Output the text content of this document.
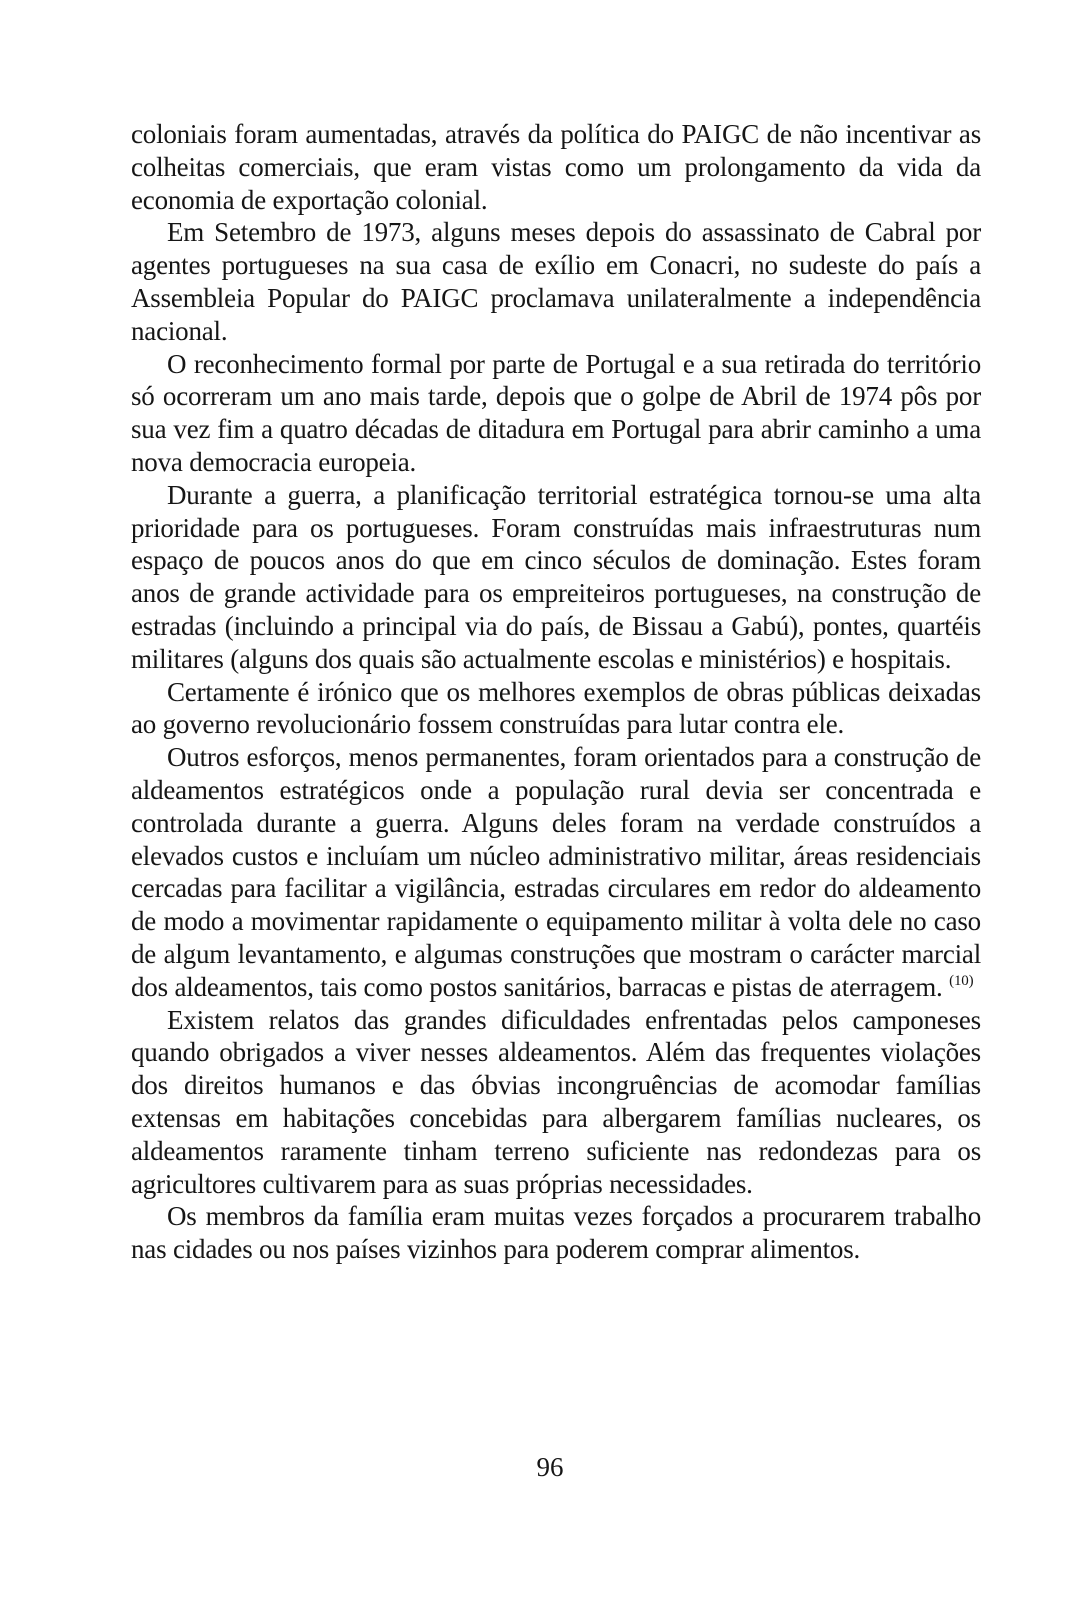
coloniais foram aumentadas, através da política do PAIGC de não incentivar as colheitas comerciais, que eram vistas como um prolongamento da vida da economia de exportação colonial.

Em Setembro de 1973, alguns meses depois do assassinato de Cabral por agentes portugueses na sua casa de exílio em Conacri, no sudeste do país a Assembleia Popular do PAIGC proclamava unilateralmente a independência nacional.

O reconhecimento formal por parte de Portugal e a sua retirada do território só ocorreram um ano mais tarde, depois que o golpe de Abril de 1974 pôs por sua vez fim a quatro décadas de ditadura em Portugal para abrir caminho a uma nova democracia europeia.

Durante a guerra, a planificação territorial estratégica tornou-se uma alta prioridade para os portugueses. Foram construídas mais infraestruturas num espaço de poucos anos do que em cinco séculos de dominação. Estes foram anos de grande actividade para os empreiteiros portugueses, na construção de estradas (incluindo a principal via do país, de Bissau a Gabú), pontes, quartéis militares (alguns dos quais são actualmente escolas e ministérios) e hospitais.

Certamente é irónico que os melhores exemplos de obras públicas deixadas ao governo revolucionário fossem construídas para lutar contra ele.

Outros esforços, menos permanentes, foram orientados para a construção de aldeamentos estratégicos onde a população rural devia ser concentrada e controlada durante a guerra. Alguns deles foram na verdade construídos a elevados custos e incluíam um núcleo administrativo militar, áreas residenciais cercadas para facilitar a vigilância, estradas circulares em redor do aldeamento de modo a movimentar rapidamente o equipamento militar à volta dele no caso de algum levantamento, e algumas construções que mostram o carácter marcial dos aldeamentos, tais como postos sanitários, barracas e pistas de aterragem. $^{(10)}$

Existem relatos das grandes dificuldades enfrentadas pelos camponeses quando obrigados a viver nesses aldeamentos. Além das frequentes violações dos direitos humanos e das óbvias incongruências de acomodar famílias extensas em habitações concebidas para albergarem famílias nucleares, os aldeamentos raramente tinham terreno suficiente nas redondezas para os agricultores cultivarem para as suas próprias necessidades.

Os membros da família eram muitas vezes forçados a procurarem trabalho nas cidades ou nos países vizinhos para poderem comprar alimentos.

96
